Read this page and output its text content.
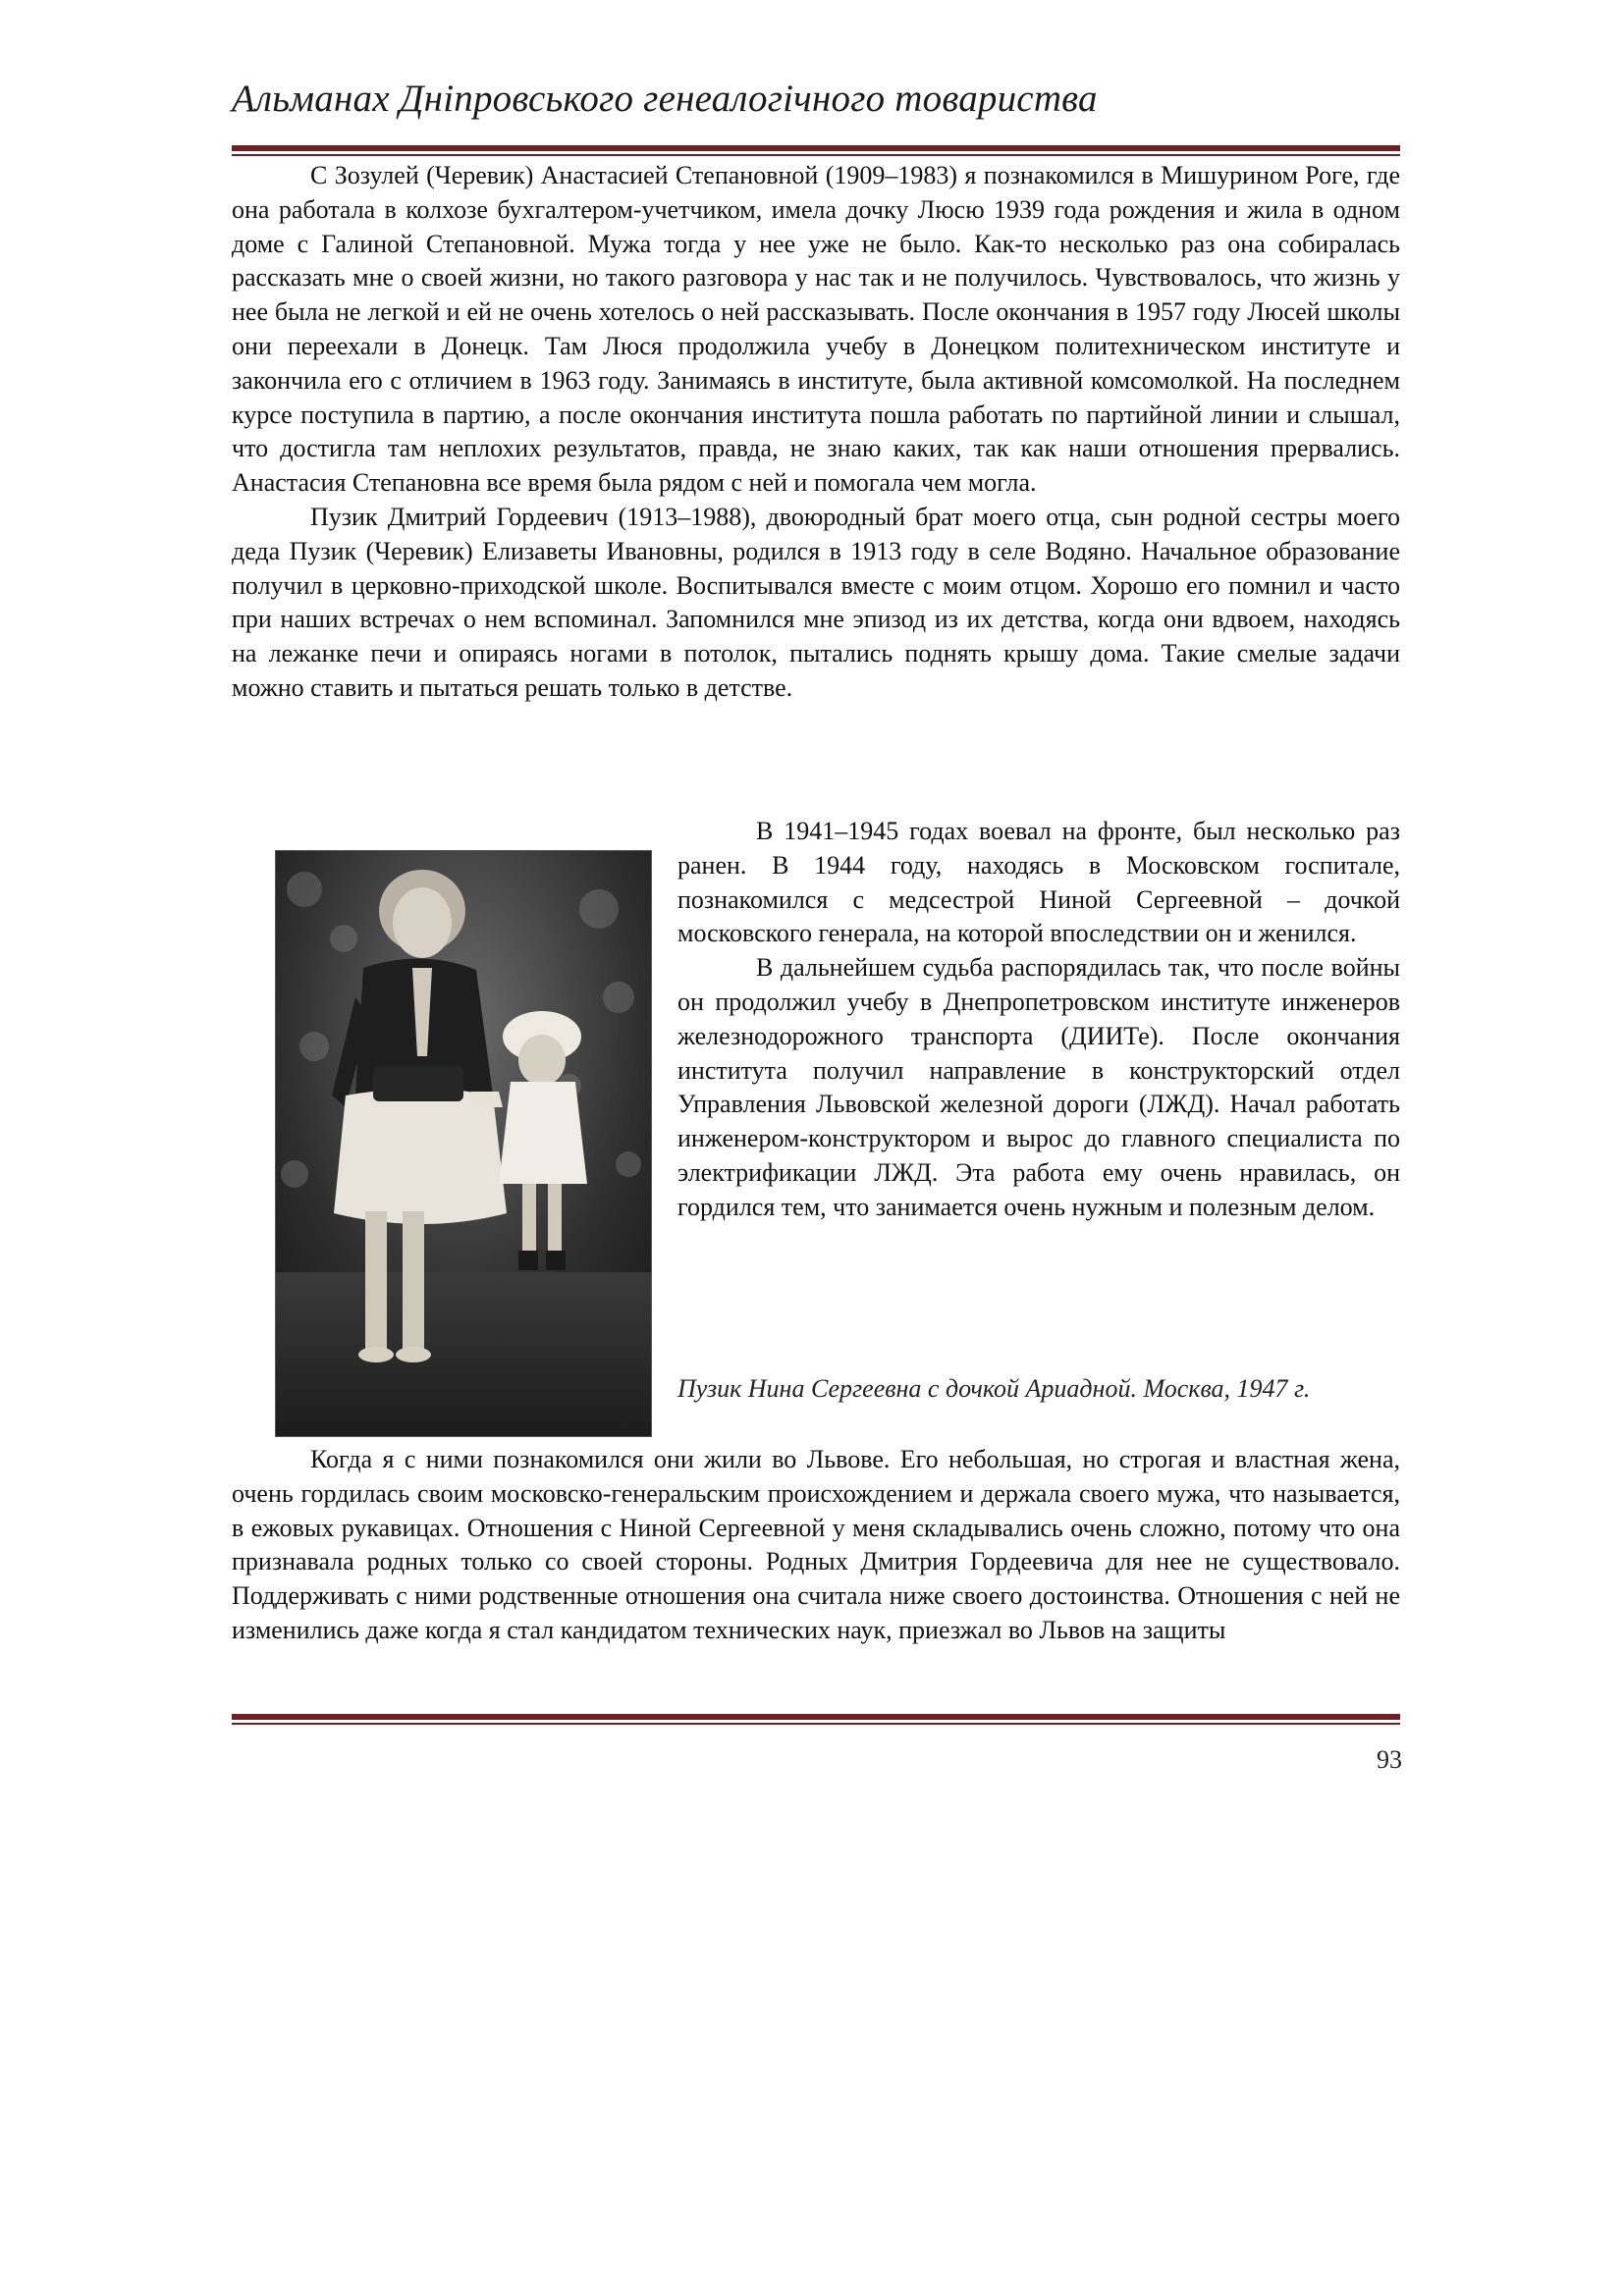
Альманах Дніпровського генеалогічного товариства

С Зозулей (Черевик) Анастасией Степановной (1909–1983) я познакомился в Мишурином Роге, где она работала в колхозе бухгалтером-учетчиком, имела дочку Люсю 1939 года рождения и жила в одном доме с Галиной Степановной. Мужа тогда у нее уже не было. Как-то несколько раз она собиралась рассказать мне о своей жизни, но такого разговора у нас так и не получилось. Чувствовалось, что жизнь у нее была не легкой и ей не очень хотелось о ней рассказывать. После окончания в 1957 году Люсей школы они переехали в Донецк. Там Люся продолжила учебу в Донецком политехническом институте и закончила его с отличием в 1963 году. Занимаясь в институте, была активной комсомолкой. На последнем курсе поступила в партию, а после окончания института пошла работать по партийной линии и слышал, что достигла там неплохих результатов, правда, не знаю каких, так как наши отношения прервались. Анастасия Степановна все время была рядом с ней и помогала чем могла.

Пузик Дмитрий Гордеевич (1913–1988), двоюродный брат моего отца, сын родной сестры моего деда Пузик (Черевик) Елизаветы Ивановны, родился в 1913 году в селе Водяно. Начальное образование получил в церковно-приходской школе. Воспитывался вместе с моим отцом. Хорошо его помнил и часто при наших встречах о нем вспоминал. Запомнился мне эпизод из их детства, когда они вдвоем, находясь на лежанке печи и опираясь ногами в потолок, пытались поднять крышу дома. Такие смелые задачи можно ставить и пытаться решать только в детстве.

В 1941–1945 годах воевал на фронте, был несколько раз ранен. В 1944 году, находясь в Московском госпитале, познакомился с медсестрой Ниной Сергеевной – дочкой московского генерала, на которой впоследствии он и женился.

В дальнейшем судьба распорядилась так, что после войны он продолжил учебу в Днепропетровском институте инженеров железнодорожного транспорта (ДИИТе). После окончания института получил направление в конструкторский отдел Управления Львовской железной дороги (ЛЖД). Начал работать инженером-конструктором и вырос до главного специалиста по электрификации ЛЖД. Эта работа ему очень нравилась, он гордился тем, что занимается очень нужным и полезным делом.

Пузик Нина Сергеевна с дочкой Ариадной. Москва, 1947 г.

Когда я с ними познакомился они жили во Львове. Его небольшая, но строгая и властная жена, очень гордилась своим московско-генеральским происхождением и держала своего мужа, что называется, в ежовых рукавицах. Отношения с Ниной Сергеевной у меня складывались очень сложно, потому что она признавала родных только со своей стороны. Родных Дмитрия Гордеевича для нее не существовало. Поддерживать с ними родственные отношения она считала ниже своего достоинства. Отношения с ней не изменились даже когда я стал кандидатом технических наук, приезжал во Львов на защиты

93
